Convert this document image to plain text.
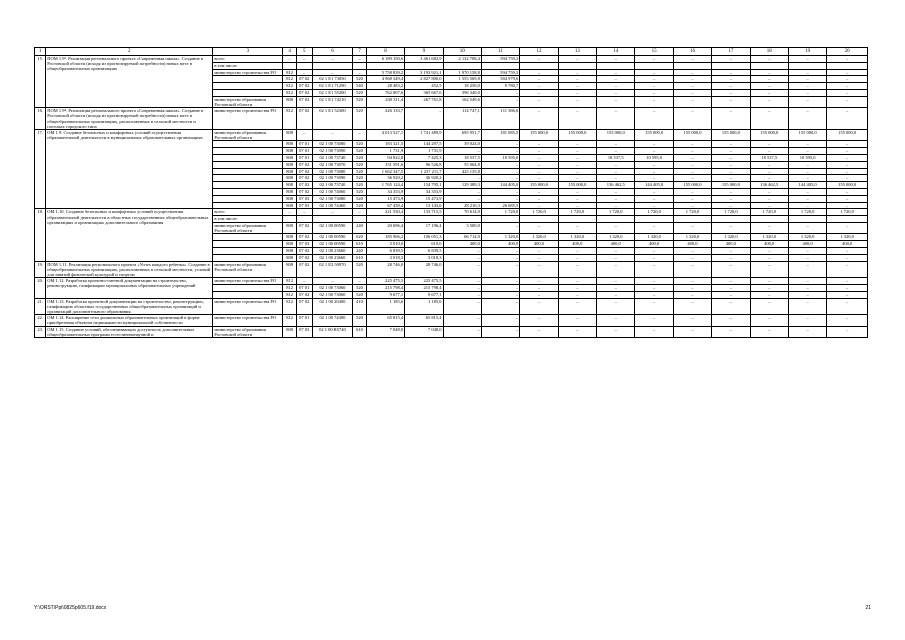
1	2	3	4	5	6	7	8	9	10	11	12	13	14	15	16	17	18	19	20
15.	ПОМ 1.9³. Реализация регионального проекта «Современная школа». Создание в Ростовской области (исходя из прогнозируемой потребности) новых мест в общеобразовательных организациях	всего	–	–	–	–	6 189 150,6	3 461 682,9	2 132 708,4	594 759,3	–	–	–	–	–	–	–	–	–
		в том числе:																	
		министерство строительства РО	812	–	–	–	5 758 839,2	3 193 921,1	1 970 158,8	594 759,3	–	–	–	–	–	–	–	–	–
			812	07 02	02 1 E1 73050	520	4 968 349,4	2 827 800,0	1 555 569,8	584 979,6	–	–	–	–	–	–	–	–	–
			812	07 02	02 1 E1 71290	540	28 483,2	452,5	18 250,0	9 780,7	–	–	–	–	–	–	–	–	–
			812	07 02	02 1 E1 55200	520	762 007,6	365 667,6	396 340,0	–	–	–	–	–	–	–	–	–	–
		министерство образования Ростовской области	808	07 02	02 1 E1 74210	520	430 311,4	267 761,8	162 549,6	–	–	–	–	–	–	–	–	–	–
16.	ПОМ 1.9⁴. Реализация регионального проекта «Современная школа». Создание в Ростовской области (исходя из прогнозируемой потребности) новых мест в общеобразовательных организациях, расположенных в сельской местности и поселках городского типа	министерство строительства РО	812	07 02	02 1 E1 52300	520	226 133,7	–	114 747,1	111 386,6	–	–	–	–	–	–	–	–	–
17.	ОМ 1.9. Создание безопасных и комфортных условий осуществления образовательной деятельности в муниципальных образовательных организациях	министерство образования Ростовской области	808	–	–	–	4 013 527,1	1 741 489,9	695 951,7	181 085,5	155 000,0	155 000,0	155 000,0	155 000,0	155 000,0	155 000,0	155 000,0	155 000,0	155 000,0
			808	07 01	02 1 00 73080	520	183 321,5	144 297,5	39 024,0	–	–	–	–	–	–	–	–	–	–
			808	07 01	02 1 00 73090	520	1 731,9	1 731,9	–	–	–	–	–	–	–	–	–	–	–
			808	07 01	02 1 00 73740	520	94 822,8	7 425,3	18 537,5	10 595,0	–	–	18 537,5	10 595,0	–	–	18 537,5	10 595,0	–
			808	07 02	02 1 00 73070	520	151 591,6	96 526,8	55 064,8	–	–	–	–	–	–	–	–	–	–
			808	07 02	02 1 00 73080	520	1 662 347,5	1 237 211,7	425 135,8	–	–	–	–	–	–	–	–	–	–
			808	07 02	02 1 00 73090	520	36 920,2	36 920,2	–	–	–	–	–	–	–	–	–	–	–
			808	07 02	02 1 00 73740	520	1 765 124,4	154 795,1	129 389,3	144 405,0	155 000,0	155 000,0	136 462,5	144 405,0	155 000,0	155 000,0	136 462,5	144 405,0	155 000,0
			808	07 02	02 1 00 74060	520	34 353,9	34 353,9	–	–	–	–	–	–	–	–	–	–	–
			808	07 03	02 1 00 73080	520	15 473,9	15 473,9	–	–	–	–	–	–	–	–	–	–	–
			808	07 03	02 1 00 74460	520	67 439,4	13 143,6	28 210,3	26 085,5	–	–	–	–	–	–	–	–	–
18.	ОМ 1.10. Создание безопасных и комфортных условий осуществления образовательной деятельности в областных государственных общеобразовательных организациях и организациях дополнительного образования	всего	–	–	–	–	221 530,4	133 715,5	70 614,9	1 720,0	1 720,0	1 720,0	1 720,0	1 720,0	1 720,0	1 720,0	1 720,0	1 720,0	1 720,0
		в том числе:																	
		министерство образования Ростовской области	808	07 02	02 1 00 00590	240	20 696,4	17 196,4	3 500,0	–	–	–	–	–	–	–	–	–	–
			808	07 02	02 1 00 00590	620	185 966,2	106 051,3	66 714,9	1 320,0	1 320,0	1 320,0	1 320,0	1 320,0	1 320,0	1 320,0	1 320,0	1 320,0	1 320,0
			808	07 03	02 1 00 00590	610	5 010,0	610,0	400,0	400,0	400,0	400,0	400,0	400,0	400,0	400,0	400,0	400,0	400,0
			808	07 02	02 1 00 23660	240	6 839,5	6 839,5	–	–	–	–	–	–	–	–	–	–	–
			808	07 02	02 1 00 23660	610	3 018,3	3 018,3	–	–	–	–	–	–	–	–	–	–	–
19.	ПОМ 1.11. Реализация регионального проекта «Успех каждого ребенка». Создание в общеобразовательных организациях, расположенных в сельской местности, условий для занятий физической культурой и спортом	министерство образования Ростовской области	808	07 02	02 1 E2 50970	520	28 746,0	28 746,0	–	–	–	–	–	–	–	–	–	–	–
20.	ОМ 1.12. Разработка проектно-сметной документации на строительство, реконструкцию, газификацию муниципальных образовательных учреждений	министерство строительства РО	812	–	–	–	225 475,5	225 475,5	–	–	–	–	–	–	–	–	–	–	–
			812	07 01	02 1 00 73060	520	215 798,4	215 798,4	–	–	–	–	–	–	–	–	–	–	–
			812	07 02	02 1 00 73060	520	9 677,1	9 677,1	–	–	–	–	–	–	–	–	–	–	–
21.	ОМ 1.13. Разработка проектной документации на строительство, реконструкцию, газификацию областных государственных общеобразовательных организаций и организаций дополнительного образования	министерство строительства РО	812	07 02	02 1 00 20400	410	1 185,6	1 185,6	–	–	–	–	–	–	–	–	–	–	–
22.	ОМ 1.14. Расширение сети дошкольных образовательных организаций в форме приобретения объектов недвижимости муниципальной собственности	министерство строительства РО	812	07 01	02 1 00 74490	520	65 815,4	65 815,4	–	–	–	–	–	–	–	–	–	–	–
23.	ОМ 1.15. Создание условий, обеспечивающих доступность дополнительных общеобразовательных программ естественнонаучной и	министерство образования Ростовской области	808	07 03	02 1 00 R5740	610	7 048,0	7 048,0	–	–	–	–	–	–	–	–	–	–	–
Y:\ORST\Ppi\0825p605.f19.docx	21
